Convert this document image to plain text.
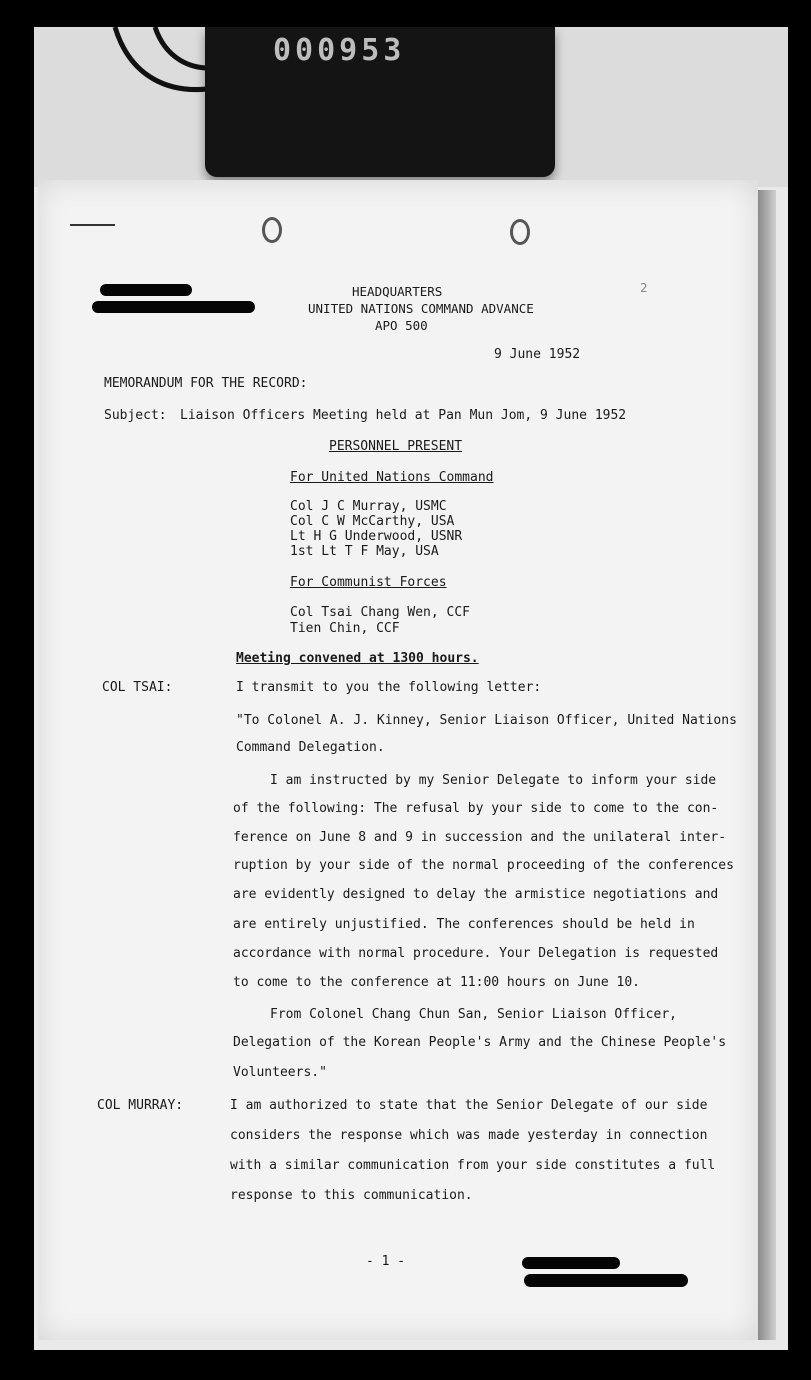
000953
2
HEADQUARTERS
UNITED NATIONS COMMAND ADVANCE
APO 500
9 June 1952
MEMORANDUM FOR THE RECORD:
Subject: Liaison Officers Meeting held at Pan Mun Jom, 9 June 1952
PERSONNEL PRESENT
For United Nations Command
Col J C Murray, USMC
Col C W McCarthy, USA
Lt H G Underwood, USNR
1st Lt T F May, USA
For Communist Forces
Col Tsai Chang Wen, CCF
Tien Chin, CCF
Meeting convened at 1300 hours.
COL TSAI:	I transmit to you the following letter:
"To Colonel A. J. Kinney, Senior Liaison Officer, United Nations
Command Delegation.
I am instructed by my Senior Delegate to inform your side
of the following: The refusal by your side to come to the con-
ference on June 8 and 9 in succession and the unilateral inter-
ruption by your side of the normal proceeding of the conferences
are evidently designed to delay the armistice negotiations and
are entirely unjustified. The conferences should be held in
accordance with normal procedure. Your Delegation is requested
to come to the conference at 11:00 hours on June 10.
From Colonel Chang Chun San, Senior Liaison Officer,
Delegation of the Korean People's Army and the Chinese People's
Volunteers."
COL MURRAY:	I am authorized to state that the Senior Delegate of our side
considers the response which was made yesterday in connection
with a similar communication from your side constitutes a full
response to this communication.
- 1 -
